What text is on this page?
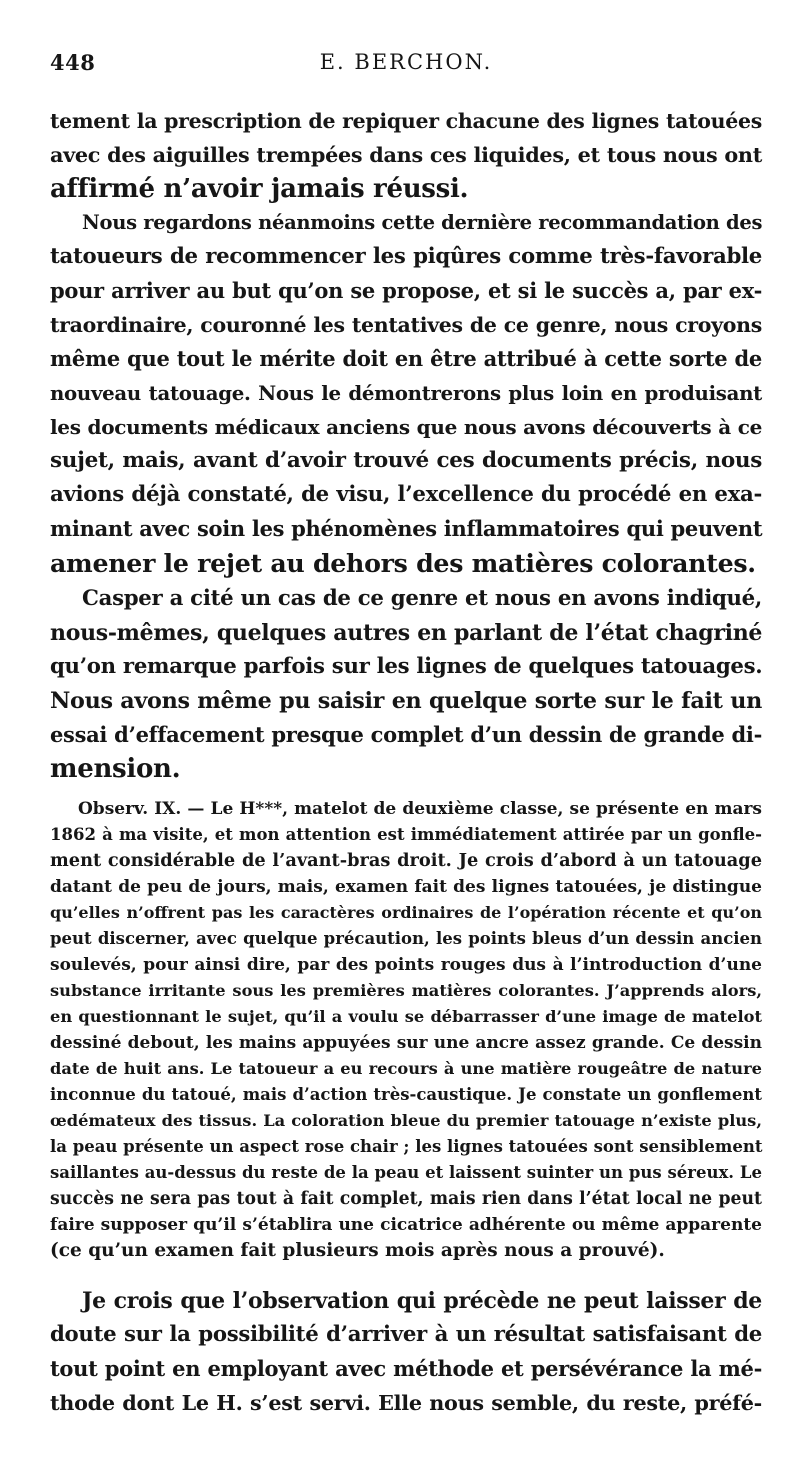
448	E. BERCHON.
tement la prescription de repiquer chacune des lignes tatouées
avec des aiguilles trempées dans ces liquides, et tous nous ont
affirmé n’avoir jamais réussi.
Nous regardons néanmoins cette dernière recommandation des
tatoueurs de recommencer les piqûres comme très-favorable
pour arriver au but qu’on se propose, et si le succès a, par ex-
traordinaire, couronné les tentatives de ce genre, nous croyons
même que tout le mérite doit en être attribué à cette sorte de
nouveau tatouage. Nous le démontrerons plus loin en produisant
les documents médicaux anciens que nous avons découverts à ce
sujet, mais, avant d’avoir trouvé ces documents précis, nous
avions déjà constaté, de visu, l’excellence du procédé en exa-
minant avec soin les phénomènes inflammatoires qui peuvent
amener le rejet au dehors des matières colorantes.
Casper a cité un cas de ce genre et nous en avons indiqué,
nous-mêmes, quelques autres en parlant de l’état chagriné
qu’on remarque parfois sur les lignes de quelques tatouages.
Nous avons même pu saisir en quelque sorte sur le fait un
essai d’effacement presque complet d’un dessin de grande di-
mension.
Observ. IX. — Le H***, matelot de deuxième classe, se présente en mars
1862 à ma visite, et mon attention est immédiatement attirée par un gonfle-
ment considérable de l’avant-bras droit. Je crois d’abord à un tatouage
datant de peu de jours, mais, examen fait des lignes tatouées, je distingue
qu’elles n’offrent pas les caractères ordinaires de l’opération récente et qu’on
peut discerner, avec quelque précaution, les points bleus d’un dessin ancien
soulevés, pour ainsi dire, par des points rouges dus à l’introduction d’une
substance irritante sous les premières matières colorantes. J’apprends alors,
en questionnant le sujet, qu’il a voulu se débarrasser d’une image de matelot
dessiné debout, les mains appuyées sur une ancre assez grande. Ce dessin
date de huit ans. Le tatoueur a eu recours à une matière rougeâtre de nature
inconnue du tatoué, mais d’action très-caustique. Je constate un gonflement
œdémateux des tissus. La coloration bleue du premier tatouage n’existe plus,
la peau présente un aspect rose chair ; les lignes tatouées sont sensiblement
saillantes au-dessus du reste de la peau et laissent suinter un pus séreux. Le
succès ne sera pas tout à fait complet, mais rien dans l’état local ne peut
faire supposer qu’il s’établira une cicatrice adhérente ou même apparente
(ce qu’un examen fait plusieurs mois après nous a prouvé).
Je crois que l’observation qui précède ne peut laisser de
doute sur la possibilité d’arriver à un résultat satisfaisant de
tout point en employant avec méthode et persévérance la mé-
thode dont Le H. s’est servi. Elle nous semble, du reste, préfé-
